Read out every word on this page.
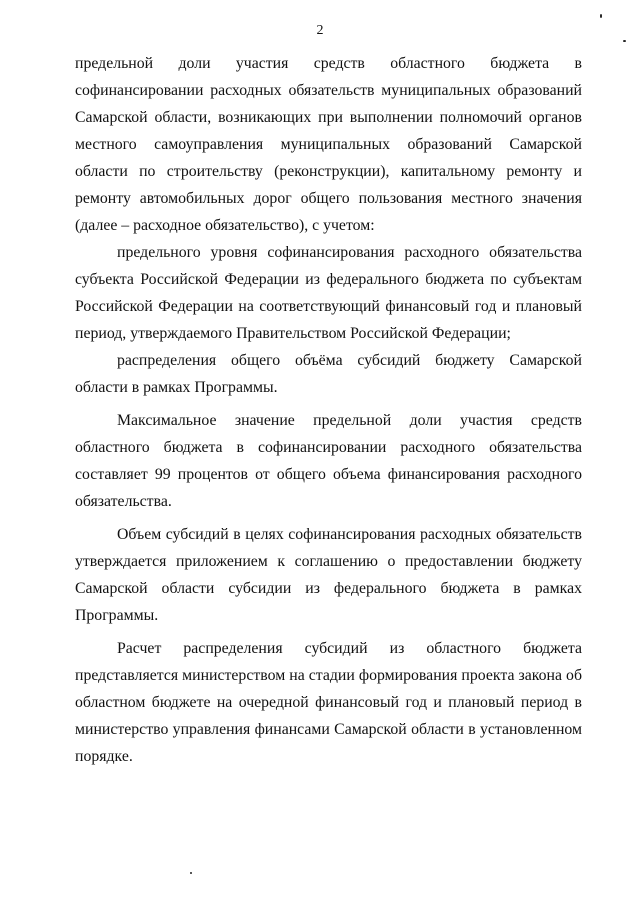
2

предельной доли участия средств областного бюджета в софинансировании расходных обязательств муниципальных образований Самарской области, возникающих при выполнении полномочий органов местного самоуправления муниципальных образований Самарской области по строительству (реконструкции), капитальному ремонту и ремонту автомобильных дорог общего пользования местного значения (далее – расходное обязательство), с учетом:

предельного уровня софинансирования расходного обязательства субъекта Российской Федерации из федерального бюджета по субъектам Российской Федерации на соответствующий финансовый год и плановый период, утверждаемого Правительством Российской Федерации;

распределения общего объёма субсидий бюджету Самарской области в рамках Программы.

Максимальное значение предельной доли участия средств областного бюджета в софинансировании расходного обязательства составляет 99 процентов от общего объема финансирования расходного обязательства.

Объем субсидий в целях софинансирования расходных обязательств утверждается приложением к соглашению о предоставлении бюджету Самарской области субсидии из федерального бюджета в рамках Программы.

Расчет распределения субсидий из областного бюджета представляется министерством на стадии формирования проекта закона об областном бюджете на очередной финансовый год и плановый период в министерство управления финансами Самарской области в установленном порядке.
